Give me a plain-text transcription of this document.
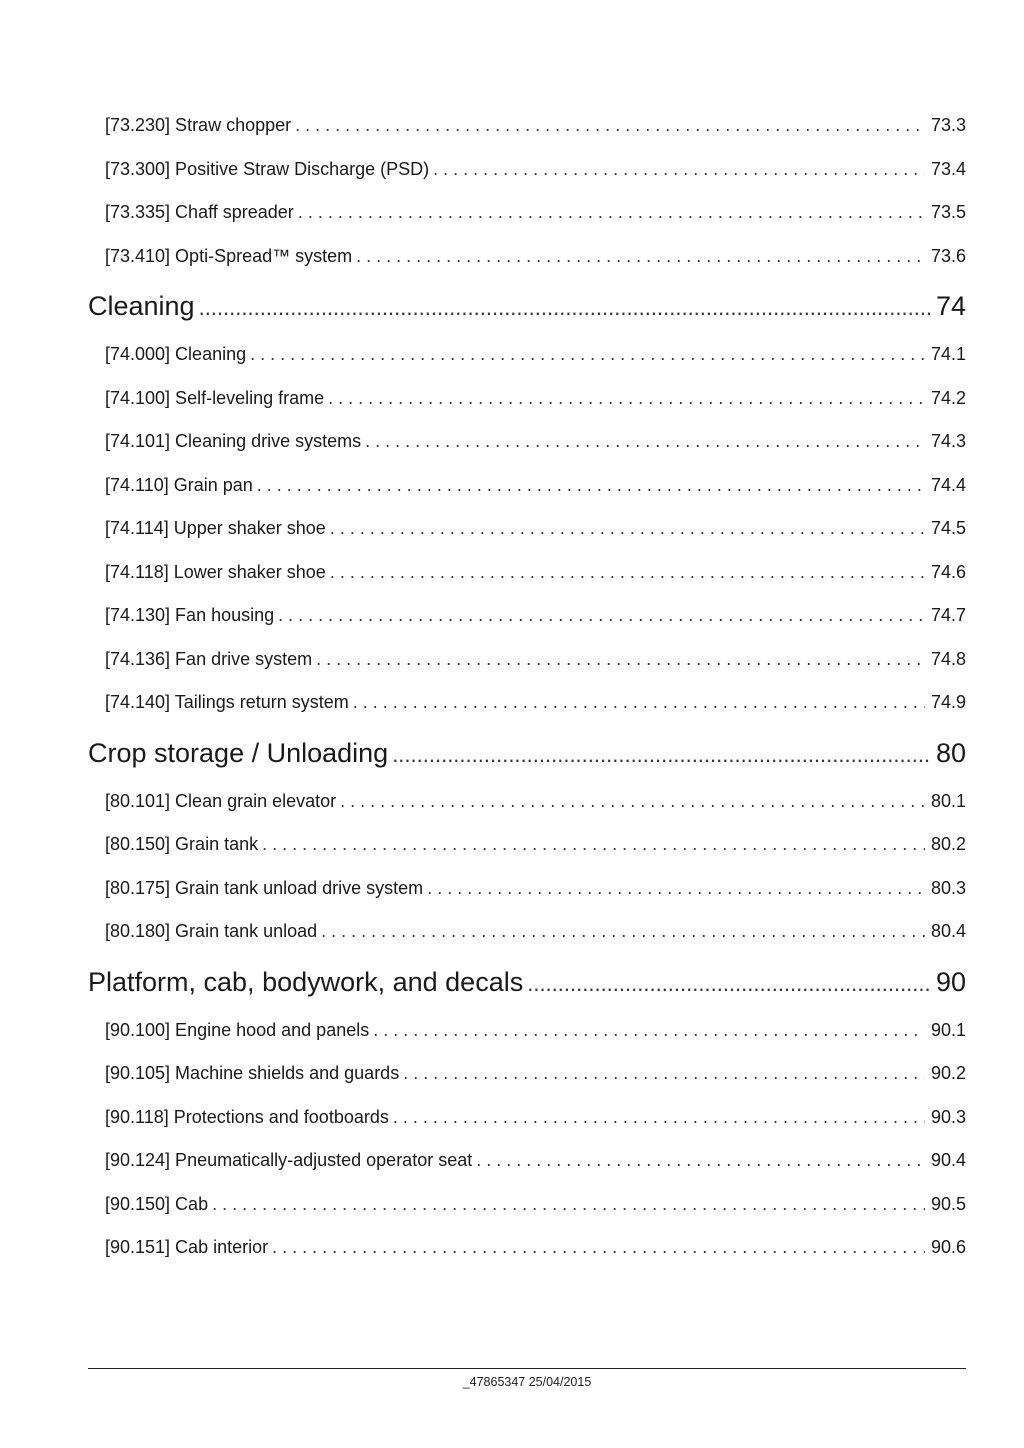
[73.230] Straw chopper . . .	73.3
[73.300] Positive Straw Discharge (PSD) . . .	73.4
[73.335] Chaff spreader . . .	73.5
[73.410] Opti-Spread™ system . . .	73.6
Cleaning .....	74
[74.000] Cleaning . . .	74.1
[74.100] Self-leveling frame . . .	74.2
[74.101] Cleaning drive systems . . .	74.3
[74.110] Grain pan . . .	74.4
[74.114] Upper shaker shoe . . .	74.5
[74.118] Lower shaker shoe . . .	74.6
[74.130] Fan housing . . .	74.7
[74.136] Fan drive system . . .	74.8
[74.140] Tailings return system . . .	74.9
Crop storage / Unloading .....	80
[80.101] Clean grain elevator . . .	80.1
[80.150] Grain tank . . .	80.2
[80.175] Grain tank unload drive system . . .	80.3
[80.180] Grain tank unload . . .	80.4
Platform, cab, bodywork, and decals .....	90
[90.100] Engine hood and panels . . .	90.1
[90.105] Machine shields and guards . . .	90.2
[90.118] Protections and footboards . . .	90.3
[90.124] Pneumatically-adjusted operator seat . . .	90.4
[90.150] Cab . . .	90.5
[90.151] Cab interior . . .	90.6
_47865347 25/04/2015
